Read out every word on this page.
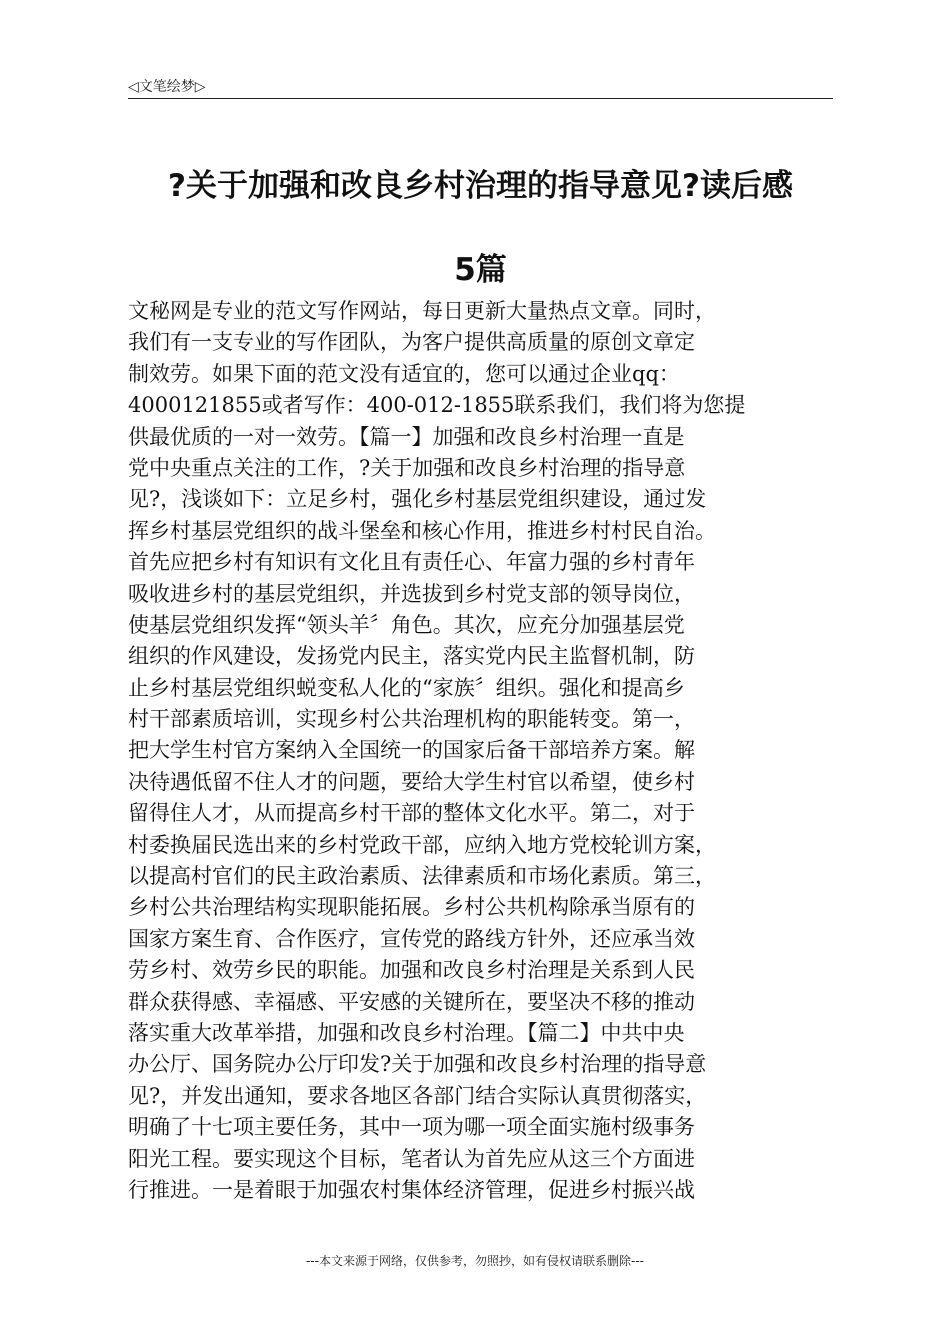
◁文笔绘梦▷
?关于加强和改良乡村治理的指导意见?读后感
5篇
文秘网是专业的范文写作网站，每日更新大量热点文章。同时，
我们有一支专业的写作团队，为客户提供高质量的原创文章定
制效劳。如果下面的范文没有适宜的，您可以通过企业qq：
4000121855或者写作：400-012-1855联系我们，我们将为您提
供最优质的一对一效劳。【篇一】加强和改良乡村治理一直是
党中央重点关注的工作，?关于加强和改良乡村治理的指导意
见?，浅谈如下：立足乡村，强化乡村基层党组织建设，通过发
挥乡村基层党组织的战斗堡垒和核心作用，推进乡村村民自治。
首先应把乡村有知识有文化且有责任心、年富力强的乡村青年
吸收进乡村的基层党组织，并选拔到乡村党支部的领导岗位，
使基层党组织发挥“领头羊〞角色。其次，应充分加强基层党
组织的作风建设，发扬党内民主，落实党内民主监督机制，防
止乡村基层党组织蜕变私人化的“家族〞组织。强化和提高乡
村干部素质培训，实现乡村公共治理机构的职能转变。第一，
把大学生村官方案纳入全国统一的国家后备干部培养方案。解
决待遇低留不住人才的问题，要给大学生村官以希望，使乡村
留得住人才，从而提高乡村干部的整体文化水平。第二，对于
村委换届民选出来的乡村党政干部，应纳入地方党校轮训方案，
以提高村官们的民主政治素质、法律素质和市场化素质。第三，
乡村公共治理结构实现职能拓展。乡村公共机构除承当原有的
国家方案生育、合作医疗，宣传党的路线方针外，还应承当效
劳乡村、效劳乡民的职能。加强和改良乡村治理是关系到人民
群众获得感、幸福感、平安感的关键所在，要坚决不移的推动
落实重大改革举措，加强和改良乡村治理。【篇二】中共中央
办公厅、国务院办公厅印发?关于加强和改良乡村治理的指导意
见?，并发出通知，要求各地区各部门结合实际认真贯彻落实，
明确了十七项主要任务，其中一项为哪一项全面实施村级事务
阳光工程。要实现这个目标，笔者认为首先应从这三个方面进
行推进。一是着眼于加强农村集体经济管理，促进乡村振兴战
---本文来源于网络，仅供参考，勿照抄，如有侵权请联系删除---
